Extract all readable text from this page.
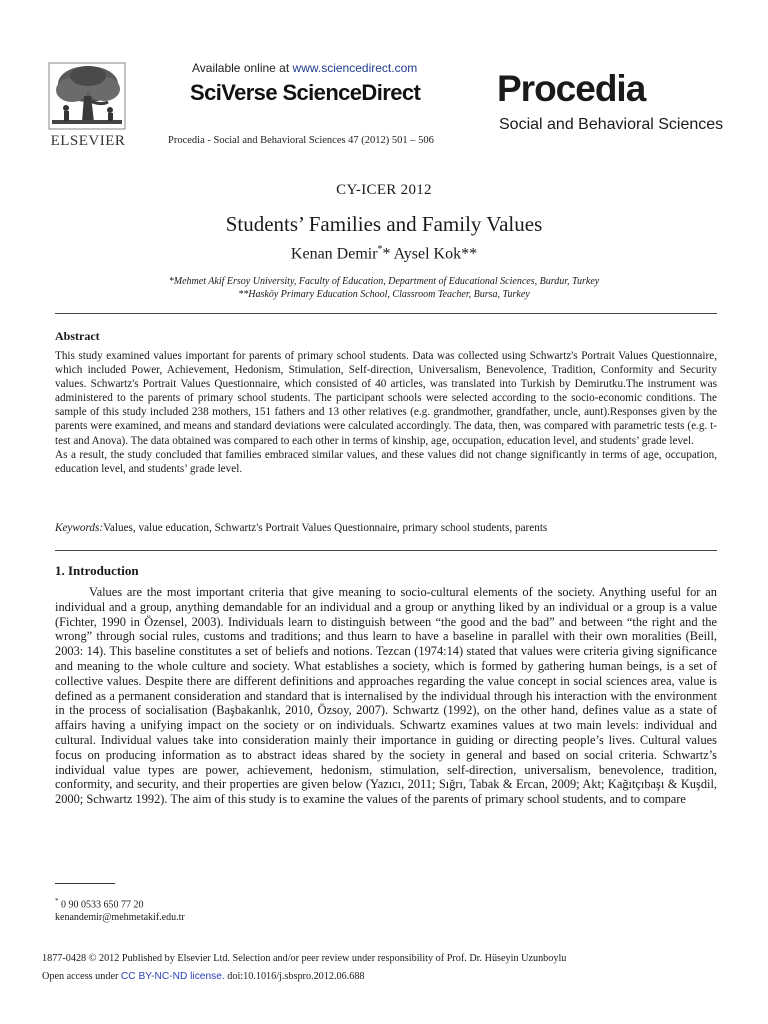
ELSEVIER
Available online at www.sciencedirect.com
SciVerse ScienceDirect
Procedia - Social and Behavioral Sciences 47 (2012) 501 – 506
Procedia
Social and Behavioral Sciences
CY-ICER 2012
Students’ Families and Family Values
Kenan Demir** Aysel Kok**
*Mehmet Akif Ersoy University, Faculty of Education, Department of Educational Sciences, Burdur, Turkey
**Hasköy Primary Education School, Classroom Teacher, Bursa, Turkey
Abstract

This study examined values important for parents of primary school students. Data was collected using Schwartz's Portrait Values Questionnaire, which included Power, Achievement, Hedonism, Stimulation, Self-direction, Universalism, Benevolence, Tradition, Conformity and Security values. Schwartz's Portrait Values Questionnaire, which consisted of 40 articles, was translated into Turkish by Demirutku.The instrument was administered to the parents of primary school students. The participant schools were selected according to the socio-economic conditions. The sample of this study included 238 mothers, 151 fathers and 13 other relatives (e.g. grandmother, grandfather, uncle, aunt).Responses given by the parents were examined, and means and standard deviations were calculated accordingly. The data, then, was compared with parametric tests (e.g. t-test and Anova). The data obtained was compared to each other in terms of kinship, age, occupation, education level, and students’ grade level.

As a result, the study concluded that families embraced similar values, and these values did not change significantly in terms of age, occupation, education level, and students’ grade level.

Keywords:Values, value education, Schwartz's Portrait Values Questionnaire, primary school students, parents
1. Introduction
Values are the most important criteria that give meaning to socio-cultural elements of the society. Anything useful for an individual and a group, anything demandable for an individual and a group or anything liked by an individual or a group is a value (Fichter, 1990 in Özensel, 2003). Individuals learn to distinguish between “the good and the bad” and between “the right and the wrong” through social rules, customs and traditions; and thus learn to have a baseline in parallel with their own moralities (Beill, 2003: 14). This baseline constitutes a set of beliefs and notions. Tezcan (1974:14) stated that values were criteria giving significance and meaning to the whole culture and society. What establishes a society, which is formed by gathering human beings, is a set of collective values. Despite there are different definitions and approaches regarding the value concept in social sciences area, value is defined as a permanent consideration and standard that is internalised by the individual through his interaction with the environment in the process of socialisation (Başbakanlık, 2010, Özsoy, 2007). Schwartz (1992), on the other hand, defines value as a state of affairs having a unifying impact on the society or on individuals. Schwartz examines values at two main levels: individual and cultural. Individual values take into consideration mainly their importance in guiding or directing people’s lives. Cultural values focus on producing information as to abstract ideas shared by the society in general and based on social criteria. Schwartz’s individual value types are power, achievement, hedonism, stimulation, self-direction, universalism, benevolence, tradition, conformity, and security, and their properties are given below (Yazıcı, 2011; Sığrı, Tabak & Ercan, 2009; Akt; Kağıtçıbaşı & Kuşdil, 2000; Schwartz 1992). The aim of this study is to examine the values of the parents of primary school students, and to compare
* 0 90 0533 650 77 20
kenandemir@mehmetakif.edu.tr
1877-0428 © 2012 Published by Elsevier Ltd. Selection and/or peer review under responsibility of Prof. Dr. Hüseyin Uzunboylu
Open access under CC BY-NC-ND license. doi:10.1016/j.sbspro.2012.06.688
